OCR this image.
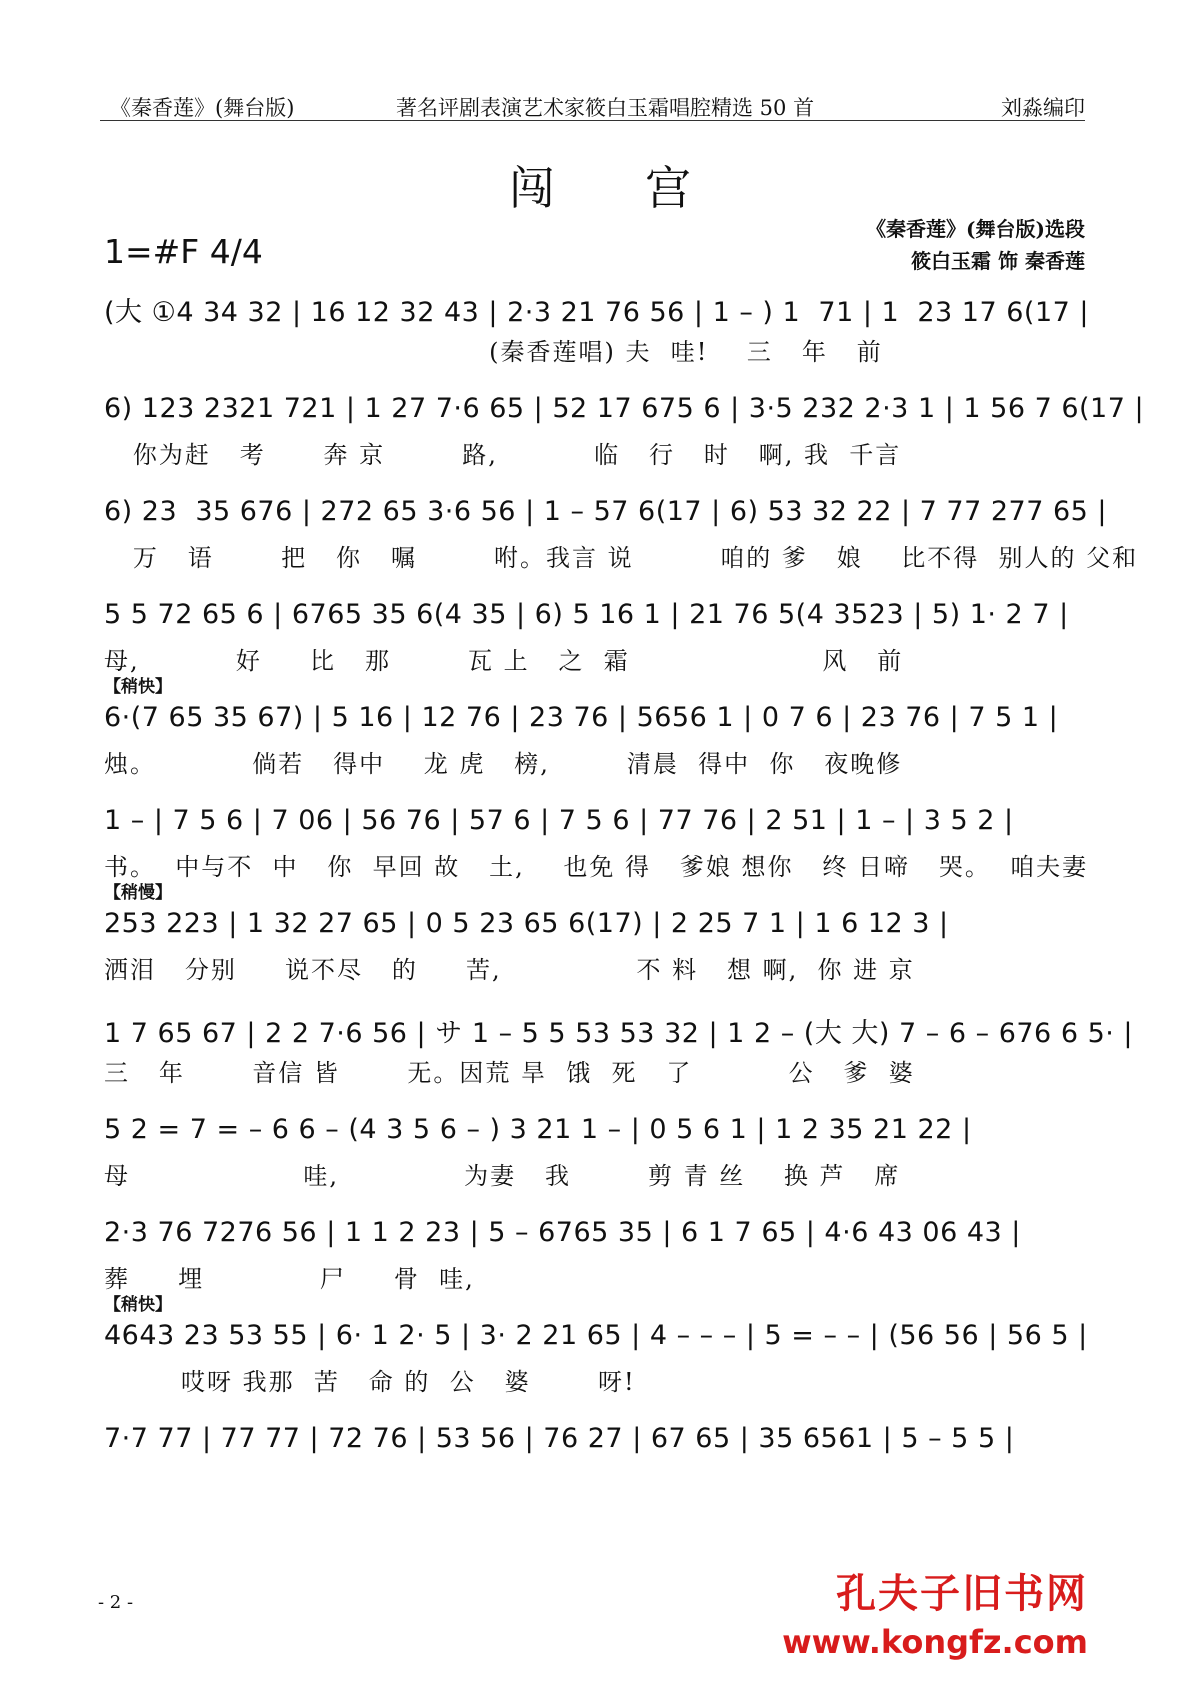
《秦香莲》(舞台版)	著名评剧表演艺术家筱白玉霜唱腔精选 50 首	刘淼编印
闯宫
1=#F 4/4
《秦香莲》(舞台版)选段
筱白玉霜 饰 秦香莲
(大 ①4 34 32 | 16 12 32 43 | 2·3 21 76 56 | 1 – ) 1  71 | 1  23 17 6(17 |
(秦香莲唱) 夫  哇!    三   年   前
6) 123 2321 721 | 1 27 7·6 65 | 52 17 675 6 | 3·5 232 2·3 1 | 1 56 7 6(17 |
你为赶   考      奔 京        路,          临   行   时   啊, 我  千言
6) 23  35 676 | 272 65 3·6 56 | 1 – 57 6(17 | 6) 53 32 22 | 7 77 277 65 |
万   语       把   你   嘱        咐。我言 说         咱的 爹   娘    比不得  别人的 父和
5 5 72 65 6 | 6765 35 6(4 35 | 6) 5 16 1 | 21 76 5(4 3523 | 5) 1· 2 7 |
母,          好     比   那        瓦 上   之  霜                    风   前
【稍快】
6·(7 65 35 67) | 5 16 | 12 76 | 23 76 | 5656 1 | 0 7 6 | 23 76 | 7 5 1 |
烛。          倘若   得中    龙 虎   榜,        清晨  得中  你   夜晚修
1 – | 7 5 6 | 7 06 | 56 76 | 57 6 | 7 5 6 | 77 76 | 2 51 | 1 – | 3 5 2 |
书。  中与不  中   你  早回 故   土,    也免 得   爹娘 想你   终 日啼   哭。  咱夫妻
【稍慢】
253 223 | 1 32 27 65 | 0 5 23 65 6(17) | 2 25 7 1 | 1 6 12 3 |
洒泪   分别     说不尽   的     苦,              不 料   想 啊,  你 进 京
1 7 65 67 | 2 2 7·6 56 | サ 1 – 5 5 53 53 32 | 1 2 – (大 大) 7 – 6 – 676 6 5· |
三   年       音信 皆       无。因荒 旱  饿  死   了          公   爹  婆
5 2 = 7 = – 6 6 – (4 3 5 6 – ) 3 21 1 – | 0 5 6 1 | 1 2 35 21 22 |
母                  哇,             为妻   我        剪 青 丝    换 芦   席
2·3 76 7276 56 | 1 1 2 23 | 5 – 6765 35 | 6 1 7 65 | 4·6 43 06 43 |
葬     埋            尸     骨  哇,
【稍快】
4643 23 53 55 | 6· 1 2· 5 | 3· 2 21 65 | 4 – – – | 5 = – – | (56 56 | 56 5 |
哎呀 我那  苦   命 的  公   婆       呀!
7·7 77 | 77 77 | 72 76 | 53 56 | 76 27 | 67 65 | 35 6561 | 5 – 5 5 |
- 2 -	孔夫子旧书网
www.kongfz.com
